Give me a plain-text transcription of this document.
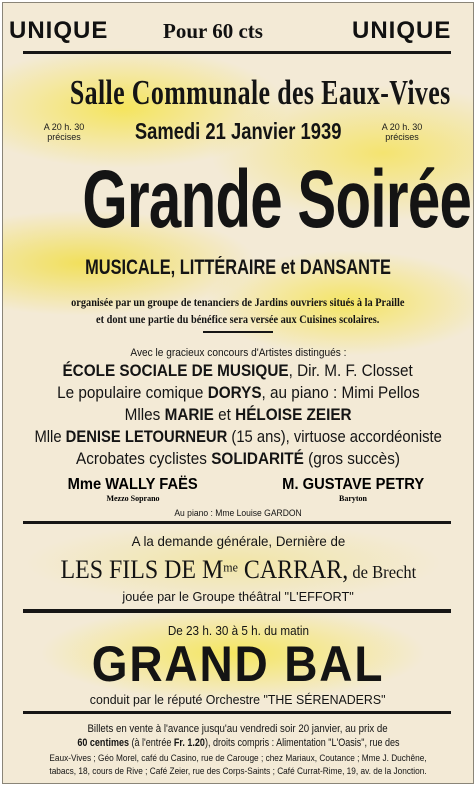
UNIQUE	Pour 60 cts	UNIQUE
Salle Communale des Eaux-Vives
A 20 h. 30
précises	Samedi 21 Janvier 1939	A 20 h. 30
précises
Grande Soirée
MUSICALE, LITTÉRAIRE et DANSANTE
organisée par un groupe de tenanciers de Jardins ouvriers situés à la Praille
et dont une partie du bénéfice sera versée aux Cuisines scolaires.
Avec le gracieux concours d'Artistes distingués :
ÉCOLE SOCIALE DE MUSIQUE, Dir. M. F. Closset
Le populaire comique DORYS, au piano : Mimi Pellos
Mlles MARIE et HÉLOISE ZEIER
Mlle DENISE LETOURNEUR (15 ans), virtuose accordéoniste
Acrobates cyclistes SOLIDARITÉ (gros succès)
Mme WALLY FAËS
Mezzo Soprano
M. GUSTAVE PETRY
Baryton
Au piano : Mme Louise GARDON
A la demande générale, Dernière de
LES FILS DE $M^{me}$ CARRAR, de Brecht
jouée par le Groupe théâtral "L'EFFORT"
De 23 h. 30 à 5 h. du matin
GRAND BAL
conduit par le réputé Orchestre "THE SÉRENADERS"
Billets en vente à l'avance jusqu'au vendredi soir 20 janvier, au prix de
60 centimes (à l'entrée Fr. 1.20), droits compris : Alimentation "L'Oasis", rue des
Eaux-Vives ; Géo Morel, café du Casino, rue de Carouge ; chez Mariaux, Coutance ; Mme J. Duchêne,
tabacs, 18, cours de Rive ; Café Zeier, rue des Corps-Saints ; Café Currat-Rime, 19, av. de la Jonction.
